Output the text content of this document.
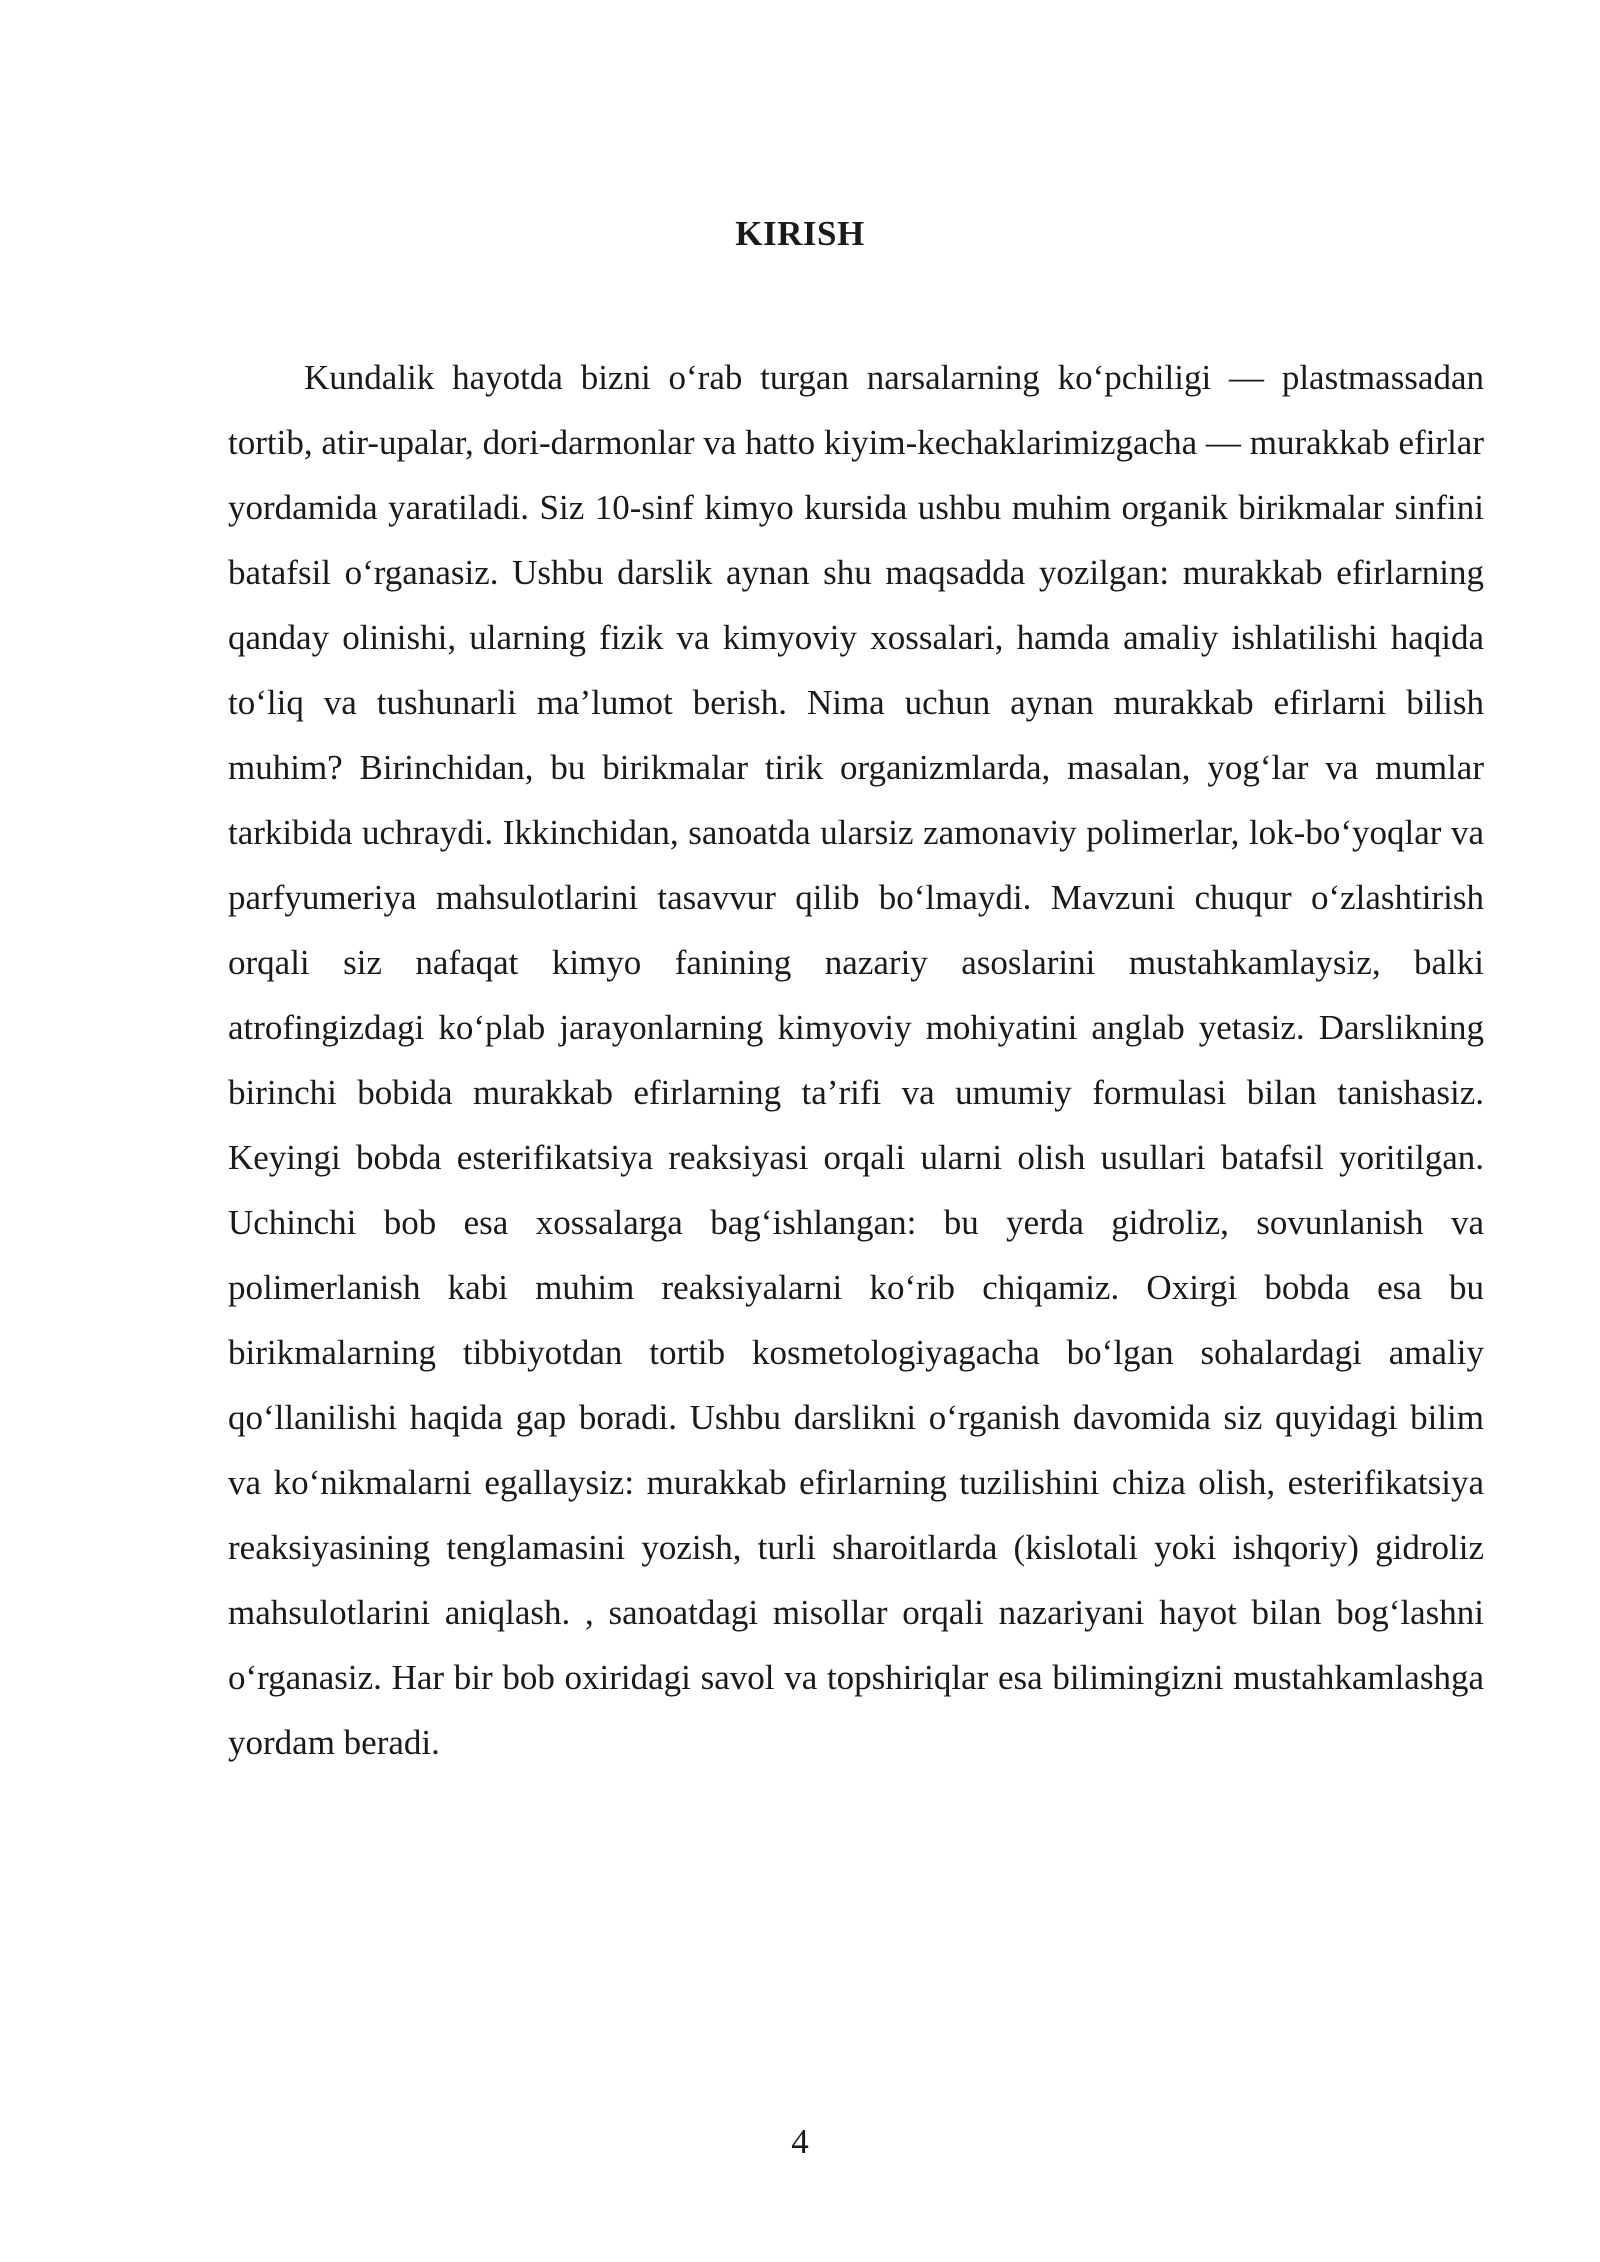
KIRISH

Kundalik hayotda bizni o‘rab turgan narsalarning ko‘pchiligi — plastmassadan tortib, atir-upalar, dori-darmonlar va hatto kiyim-kechaklarimizgacha — murakkab efirlar yordamida yaratiladi. Siz 10-sinf kimyo kursida ushbu muhim organik birikmalar sinfini batafsil o‘rganasiz. Ushbu darslik aynan shu maqsadda yozilgan: murakkab efirlarning qanday olinishi, ularning fizik va kimyoviy xossalari, hamda amaliy ishlatilishi haqida to‘liq va tushunarli ma’lumot berish. Nima uchun aynan murakkab efirlarni bilish muhim? Birinchidan, bu birikmalar tirik organizmlarda, masalan, yog‘lar va mumlar tarkibida uchraydi. Ikkinchidan, sanoatda ularsiz zamonaviy polimerlar, lok-bo‘yoqlar va parfyumeriya mahsulotlarini tasavvur qilib bo‘lmaydi. Mavzuni chuqur o‘zlashtirish orqali siz nafaqat kimyo fanining nazariy asoslarini mustahkamlaysiz, balki atrofingizdagi ko‘plab jarayonlarning kimyoviy mohiyatini anglab yetasiz. Darslikning birinchi bobida murakkab efirlarning ta’rifi va umumiy formulasi bilan tanishasiz. Keyingi bobda esterifikatsiya reaksiyasi orqali ularni olish usullari batafsil yoritilgan. Uchinchi bob esa xossalarga bag‘ishlangan: bu yerda gidroliz, sovunlanish va polimerlanish kabi muhim reaksiyalarni ko‘rib chiqamiz. Oxirgi bobda esa bu birikmalarning tibbiyotdan tortib kosmetologiyagacha bo‘lgan sohalardagi amaliy qo‘llanilishi haqida gap boradi. Ushbu darslikni o‘rganish davomida siz quyidagi bilim va ko‘nikmalarni egallaysiz: murakkab efirlarning tuzilishini chiza olish, esterifikatsiya reaksiyasining tenglamasini yozish, turli sharoitlarda (kislotali yoki ishqoriy) gidroliz mahsulotlarini aniqlash. , sanoatdagi misollar orqali nazariyani hayot bilan bog‘lashni o‘rganasiz. Har bir bob oxiridagi savol va topshiriqlar esa bilimingizni mustahkamlashga yordam beradi.

4
